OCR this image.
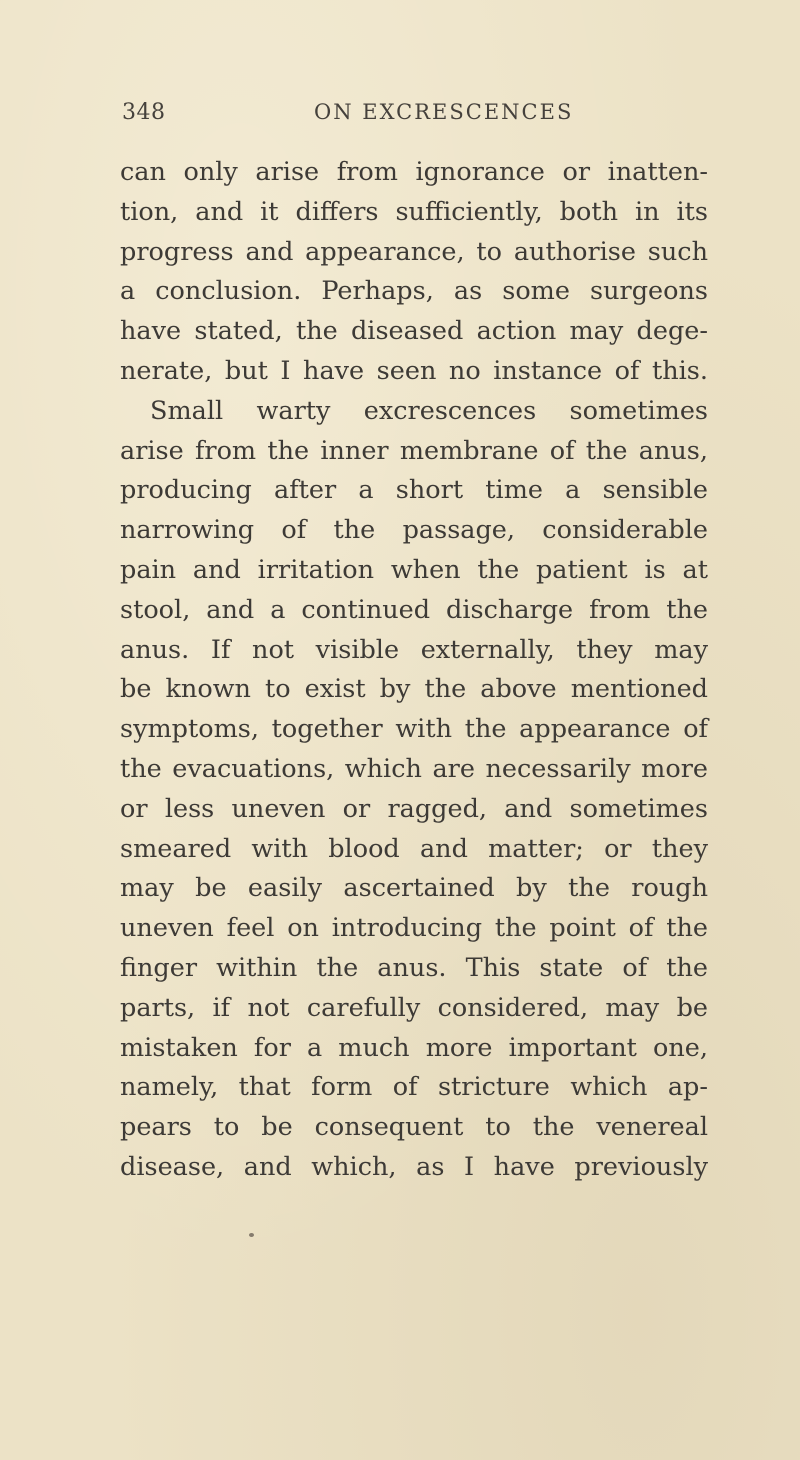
348	ON EXCRESCENCES
can only arise from ignorance or inatten-
tion, and it differs sufficiently, both in its
progress and appearance, to authorise such
a conclusion. Perhaps, as some surgeons
have stated, the diseased action may dege-
nerate, but I have seen no instance of this.
Small warty excrescences sometimes
arise from the inner membrane of the anus,
producing after a short time a sensible
narrowing of the passage, considerable
pain and irritation when the patient is at
stool, and a continued discharge from the
anus. If not visible externally, they may
be known to exist by the above mentioned
symptoms, together with the appearance of
the evacuations, which are necessarily more
or less uneven or ragged, and sometimes
smeared with blood and matter; or they
may be easily ascertained by the rough
uneven feel on introducing the point of the
finger within the anus. This state of the
parts, if not carefully considered, may be
mistaken for a much more important one,
namely, that form of stricture which ap-
pears to be consequent to the venereal
disease, and which, as I have previously
